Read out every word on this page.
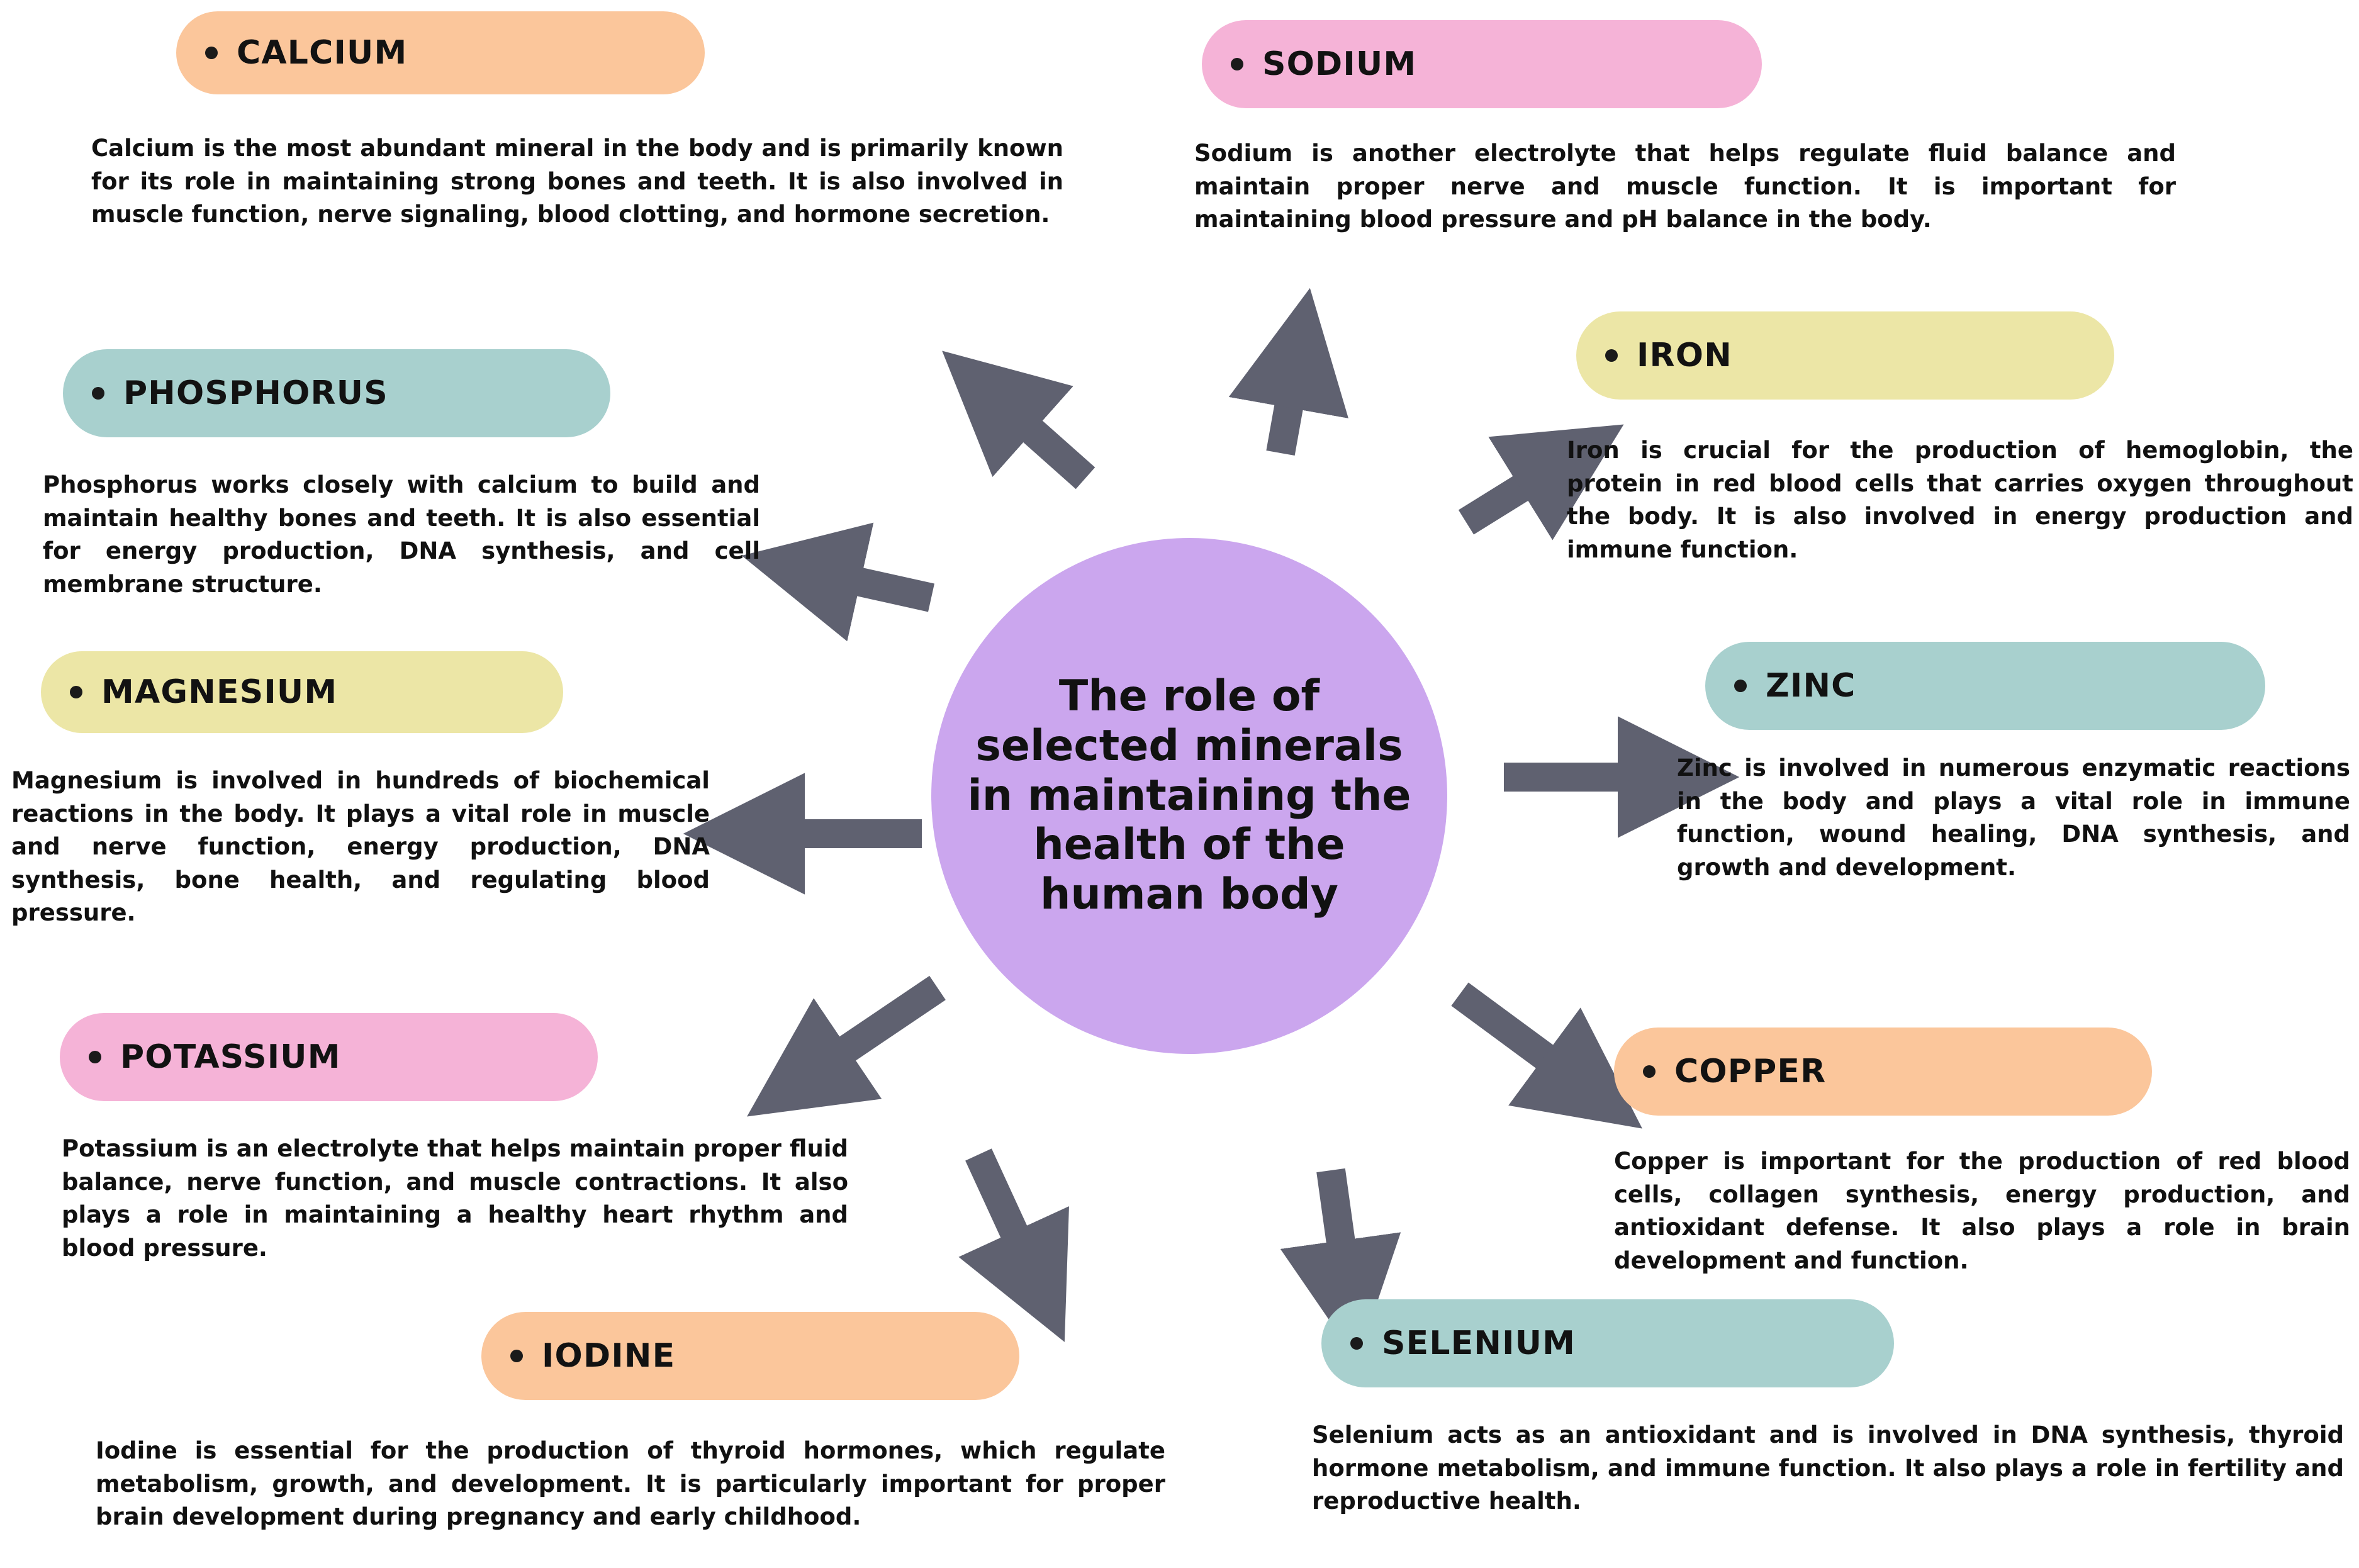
The role of selected minerals in maintaining the health of the human body
CALCIUM
Calcium is the most abundant mineral in the body and is primarily known for its role in maintaining strong bones and teeth. It is also involved in muscle function, nerve signaling, blood clotting, and hormone secretion.
PHOSPHORUS
Phosphorus works closely with calcium to build and maintain healthy bones and teeth. It is also essential for energy production, DNA synthesis, and cell membrane structure.
MAGNESIUM
Magnesium is involved in hundreds of biochemical reactions in the body. It plays a vital role in muscle and nerve function, energy production, DNA synthesis, bone health, and regulating blood pressure.
POTASSIUM
Potassium is an electrolyte that helps maintain proper fluid balance, nerve function, and muscle contractions. It also plays a role in maintaining a healthy heart rhythm and blood pressure.
IODINE
Iodine is essential for the production of thyroid hormones, which regulate metabolism, growth, and development. It is particularly important for proper brain development during pregnancy and early childhood.
SODIUM
Sodium is another electrolyte that helps regulate fluid balance and maintain proper nerve and muscle function. It is important for maintaining blood pressure and pH balance in the body.
IRON
Iron is crucial for the production of hemoglobin, the protein in red blood cells that carries oxygen throughout the body. It is also involved in energy production and immune function.
ZINC
Zinc is involved in numerous enzymatic reactions in the body and plays a vital role in immune function, wound healing, DNA synthesis, and growth and development.
COPPER
Copper is important for the production of red blood cells, collagen synthesis, energy production, and antioxidant defense. It also plays a role in brain development and function.
SELENIUM
Selenium acts as an antioxidant and is involved in DNA synthesis, thyroid hormone metabolism, and immune function. It also plays a role in fertility and reproductive health.
